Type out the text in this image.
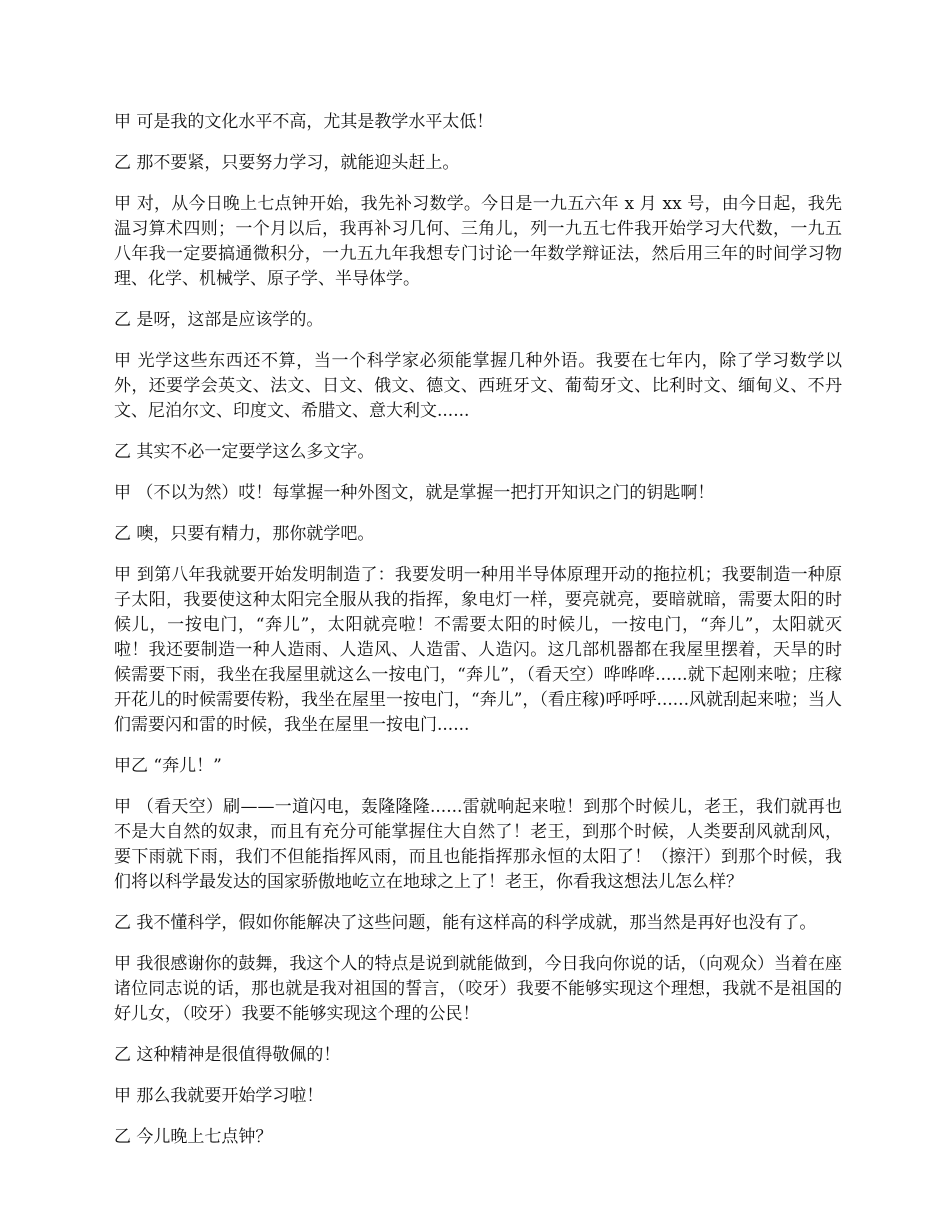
甲 可是我的文化水平不高，尤其是教学水平太低！

乙 那不要紧，只要努力学习，就能迎头赶上。

甲 对，从今日晚上七点钟开始，我先补习数学。今日是一九五六年 x 月 xx 号，由今日起，我先温习算术四则；一个月以后，我再补习几何、三角儿，列一九五七件我开始学习大代数，一九五八年我一定要搞通微积分，一九五九年我想专门讨论一年数学辩证法，然后用三年的时间学习物理、化学、机械学、原子学、半导体学。

乙 是呀，这部是应该学的。

甲 光学这些东西还不算，当一个科学家必须能掌握几种外语。我要在七年内，除了学习数学以外，还要学会英文、法文、日文、俄文、德文、西班牙文、葡萄牙文、比利时文、缅甸义、不丹文、尼泊尔文、印度文、希腊文、意大利文......

乙 其实不必一定要学这么多文字。

甲 （不以为然）哎！每掌握一种外图文，就是掌握一把打开知识之门的钥匙啊！

乙 噢，只要有精力，那你就学吧。

甲 到第八年我就要开始发明制造了：我要发明一种用半导体原理开动的拖拉机；我要制造一种原子太阳，我要使这种太阳完全服从我的指挥，象电灯一样，要亮就亮，要暗就暗，需要太阳的时候儿，一按电门，“奔儿”，太阳就亮啦！不需要太阳的时候儿，一按电门，“奔儿”，太阳就灭啦！我还要制造一种人造雨、人造风、人造雷、人造闪。这几部机器都在我屋里摆着，天旱的时候需要下雨，我坐在我屋里就这么一按电门，“奔儿”，（看天空）哗哗哗......就下起刚来啦；庄稼开花儿的时候需要传粉，我坐在屋里一按电门，“奔儿”，（看庄稼)呼呼呼......风就刮起来啦；当人们需要闪和雷的时候，我坐在屋里一按电门......

甲乙 “奔儿！”

甲 （看天空）刷——一道闪电，轰隆隆隆......雷就响起来啦！到那个时候儿，老王，我们就再也不是大自然的奴隶，而且有充分可能掌握住大自然了！老王，到那个时候，人类要刮风就刮风，要下雨就下雨，我们不但能指挥风雨，而且也能指挥那永恒的太阳了！（擦汗）到那个时候，我们将以科学最发达的国家骄傲地屹立在地球之上了！老王，你看我这想法儿怎么样？

乙 我不懂科学，假如你能解决了这些问题，能有这样高的科学成就，那当然是再好也没有了。

甲 我很感谢你的鼓舞，我这个人的特点是说到就能做到，今日我向你说的话，（向观众）当着在座诸位同志说的话，那也就是我对祖国的誓言，（咬牙）我要不能够实现这个理想，我就不是祖国的好儿女，（咬牙）我要不能够实现这个理的公民！

乙 这种精神是很值得敬佩的！

甲 那么我就要开始学习啦！

乙 今儿晚上七点钟？
